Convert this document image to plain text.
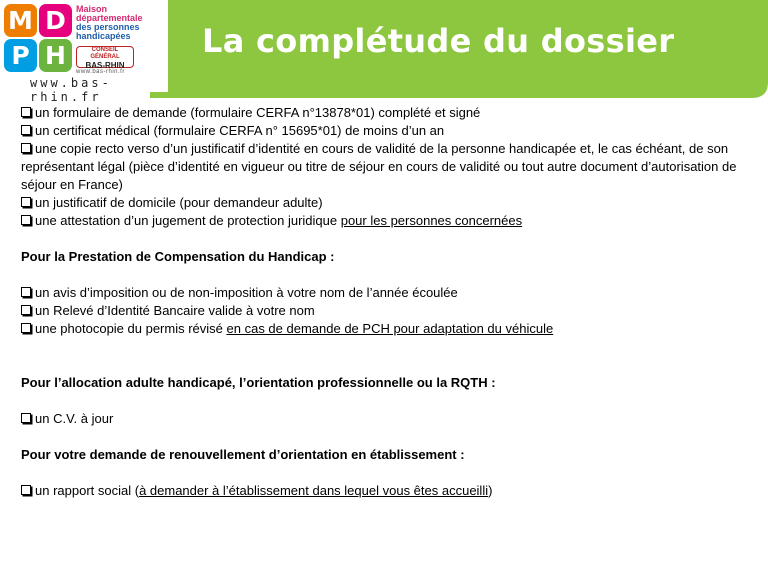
M D
P H
Maison
départementale
des personnes
handicapées
CONSEIL GÉNÉRAL
BAS-RHIN
www.bas-rhin.fr
www.bas-rhin.fr
La complétude du dossier

un formulaire de demande (formulaire CERFA n°13878*01) complété et signé

un certificat médical (formulaire CERFA n° 15695*01) de moins d’un an

une copie recto verso d’un justificatif d’identité en cours de validité de la personne handicapée et, le cas échéant, de son représentant légal (pièce d’identité en vigueur ou titre de séjour en cours de validité ou tout autre document d’autorisation de séjour en France)

un justificatif de domicile (pour demandeur adulte)

une attestation d’un jugement de protection juridique pour les personnes concernées

Pour la Prestation de Compensation du Handicap :

un avis d’imposition ou de non-imposition à votre nom de l’année écoulée

un Relevé d’Identité Bancaire valide à votre nom

une photocopie du permis révisé en cas de demande de PCH pour adaptation du véhicule

Pour l’allocation adulte handicapé, l’orientation professionnelle ou la RQTH :

un C.V. à jour

Pour votre demande de renouvellement d’orientation en établissement :

un rapport social (à demander à l’établissement dans lequel vous êtes accueilli)
